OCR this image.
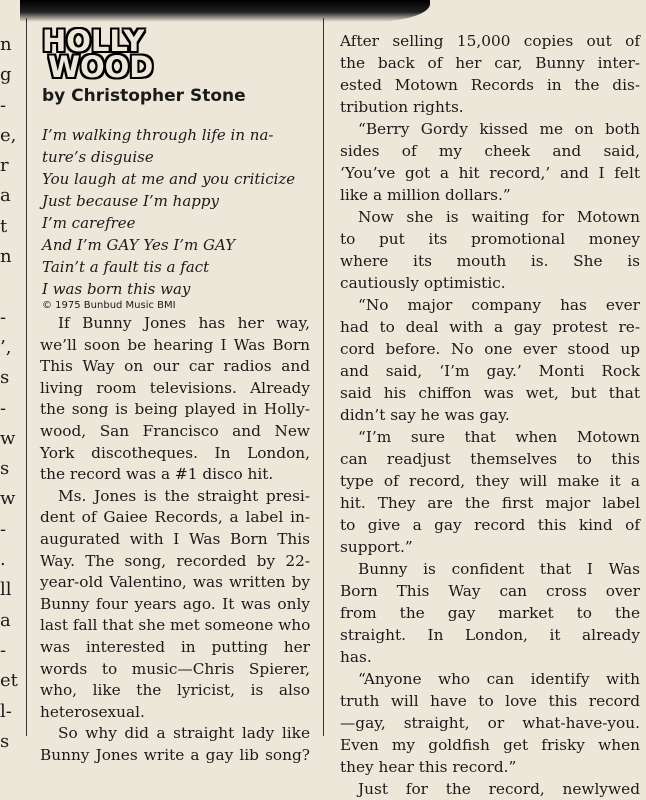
n
g
-
e,
r
a
t
n
-
’,
s
-
w
s
w
-
.
ll
a
-
et
l-
s
HOLLY
WOOD
by Christopher Stone
I’m walking through life in na-
ture’s disguise
You laugh at me and you criticize
Just because I’m happy
I’m carefree
And I’m GAY Yes I’m GAY
Tain’t a fault tis a fact
I was born this way
© 1975 Bunbud Music BMI
If Bunny Jones has her way,
we’ll soon be hearing I Was Born
This Way on our car radios and
living room televisions. Already
the song is being played in Holly-
wood, San Francisco and New
York discotheques. In London,
the record was a #1 disco hit.
Ms. Jones is the straight presi-
dent of Gaiee Records, a label in-
augurated with I Was Born This
Way. The song, recorded by 22-
year-old Valentino, was written by
Bunny four years ago. It was only
last fall that she met someone who
was interested in putting her
words to music—Chris Spierer,
who, like the lyricist, is also
heterosexual.
So why did a straight lady like
Bunny Jones write a gay lib song?
After selling 15,000 copies out of
the back of her car, Bunny inter-
ested Motown Records in the dis-
tribution rights.
“Berry Gordy kissed me on both
sides of my cheek and said,
‘You’ve got a hit record,’ and I felt
like a million dollars.”
Now she is waiting for Motown
to put its promotional money
where its mouth is. She is
cautiously optimistic.
“No major company has ever
had to deal with a gay protest re-
cord before. No one ever stood up
and said, ‘I’m gay.’ Monti Rock
said his chiffon was wet, but that
didn’t say he was gay.
“I’m sure that when Motown
can readjust themselves to this
type of record, they will make it a
hit. They are the first major label
to give a gay record this kind of
support.”
Bunny is confident that I Was
Born This Way can cross over
from the gay market to the
straight. In London, it already
has.
“Anyone who can identify with
truth will have to love this record
—gay, straight, or what-have-you.
Even my goldfish get frisky when
they hear this record.”
Just for the record, newlywed
